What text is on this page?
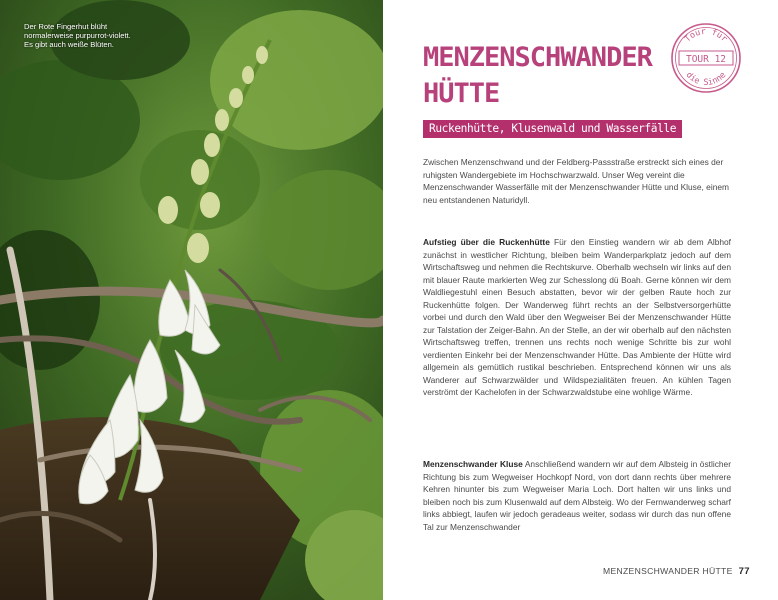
Der Rote Fingerhut blüht normalerweise purpurrot-violett. Es gibt auch weiße Blüten.	MENZENSCHWANDER
HÜTTE
Ruckenhütte, Klusenwald und Wasserfälle
Tour für
TOUR 12
die Sinne

Zwischen Menzenschwand und der Feldberg-Passstraße erstreckt sich eines der ruhigsten Wandergebiete im Hochschwarzwald. Unser Weg vereint die Menzenschwander Wasserfälle mit der Menzenschwander Hütte und Kluse, einem neu entstandenen Naturidyll.

Aufstieg über die Ruckenhütte Für den Einstieg wandern wir ab dem Albhof zunächst in westlicher Richtung, bleiben beim Wanderparkplatz jedoch auf dem Wirtschaftsweg und nehmen die Rechtskurve. Oberhalb wechseln wir links auf den mit blauer Raute markierten Weg zur Schesslong dü Boah. Gerne können wir dem Waldliegestuhl einen Besuch abstatten, bevor wir der gelben Raute hoch zur Ruckenhütte folgen. Der Wanderweg führt rechts an der Selbstversorgerhütte vorbei und durch den Wald über den Wegweiser Bei der Menzenschwander Hütte zur Talstation der Zeiger-Bahn. An der Stelle, an der wir oberhalb auf den nächsten Wirtschaftsweg treffen, trennen uns rechts noch wenige Schritte bis zur wohl verdienten Einkehr bei der Menzenschwander Hütte. Das Ambiente der Hütte wird allgemein als gemütlich rustikal beschrieben. Entsprechend können wir uns als Wanderer auf Schwarzwälder und Wildspezialitäten freuen. An kühlen Tagen verströmt der Kachelofen in der Schwarzwaldstube eine wohlige Wärme.

Menzenschwander Kluse Anschließend wandern wir auf dem Albsteig in östlicher Richtung bis zum Wegweiser Hochkopf Nord, von dort dann rechts über mehrere Kehren hinunter bis zum Wegweiser Maria Loch. Dort halten wir uns links und bleiben noch bis zum Klusenwald auf dem Albsteig. Wo der Fernwanderweg scharf links abbiegt, laufen wir jedoch geradeaus weiter, sodass wir durch das nun offene Tal zur Menzenschwander

MENZENSCHWANDER HÜTTE 77
